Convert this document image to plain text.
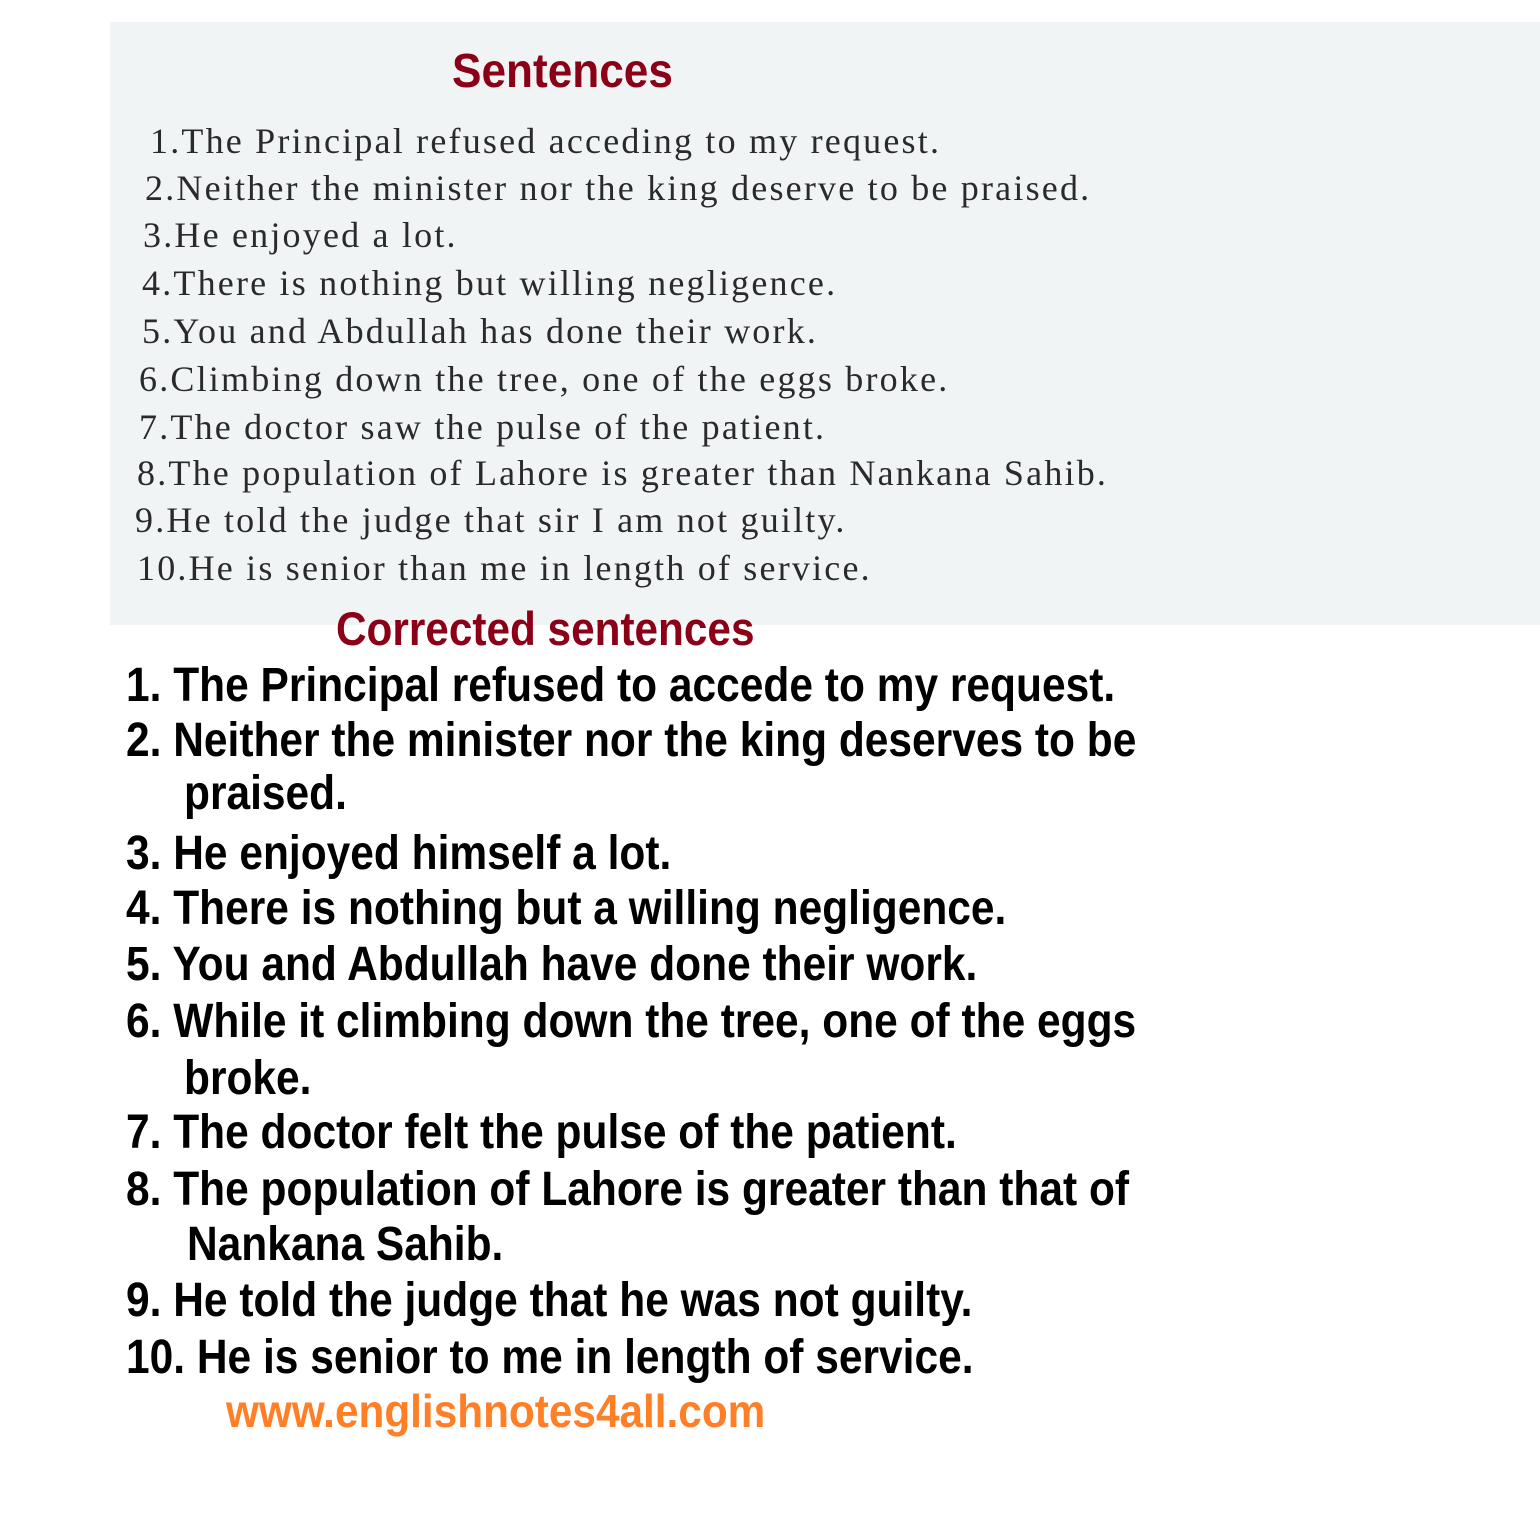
Sentences
1.The Principal refused acceding to my request.
2.Neither the minister nor the king deserve to be praised.
3.He enjoyed a lot.
4.There is nothing but willing negligence.
5.You and Abdullah has done their work.
6.Climbing down the tree, one of the eggs broke.
7.The doctor saw the pulse of the patient.
8.The population of Lahore is greater than Nankana Sahib.
9.He told the judge that sir I am not guilty.
10.He is senior than me in length of service.
Corrected sentences
1. The Principal refused to accede to my request.
2. Neither the minister nor the king deserves to be
praised.
3. He enjoyed himself a lot.
4. There is nothing but a willing negligence.
5. You and Abdullah have done their work.
6. While it climbing down the tree, one of the eggs
broke.
7. The doctor felt the pulse of the patient.
8. The population of Lahore is greater than that of
Nankana Sahib.
9. He told the judge that he was not guilty.
10. He is senior to me in length of service.
www.englishnotes4all.com
